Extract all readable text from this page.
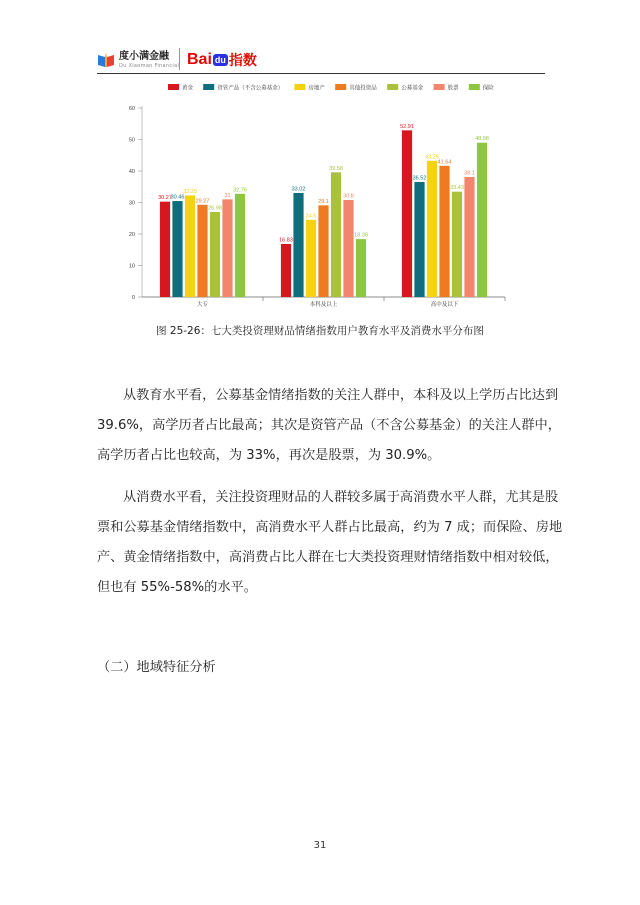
度小满金融
Du Xiaoman Financial Bai du 指数
0
10
20
30
40
50
60
黄金	资管产品（不含公募基金）	房地产	其他投资品	公募基金	股票	保险
30.27
30.46
32.25
29.27
26.98
31
32.76
大专
16.83
33.02
24.5
29.1
39.58
30.8
18.38
本科及以上
52.91
36.52
43.25
41.64
33.43
38.1
48.98
高中及以下
图 25-26：七大类投资理财品情绪指数用户教育水平及消费水平分布图
从教育水平看，公募基金情绪指数的关注人群中，本科及以上学历占比达到
39.6%，高学历者占比最高；其次是资管产品（不含公募基金）的关注人群中，
高学历者占比也较高，为 33%，再次是股票，为 30.9%。
从消费水平看，关注投资理财品的人群较多属于高消费水平人群，尤其是股
票和公募基金情绪指数中，高消费水平人群占比最高，约为 7 成；而保险、房地
产、黄金情绪指数中，高消费占比人群在七大类投资理财情绪指数中相对较低，
但也有 55%-58%的水平。
（二）地域特征分析
31
